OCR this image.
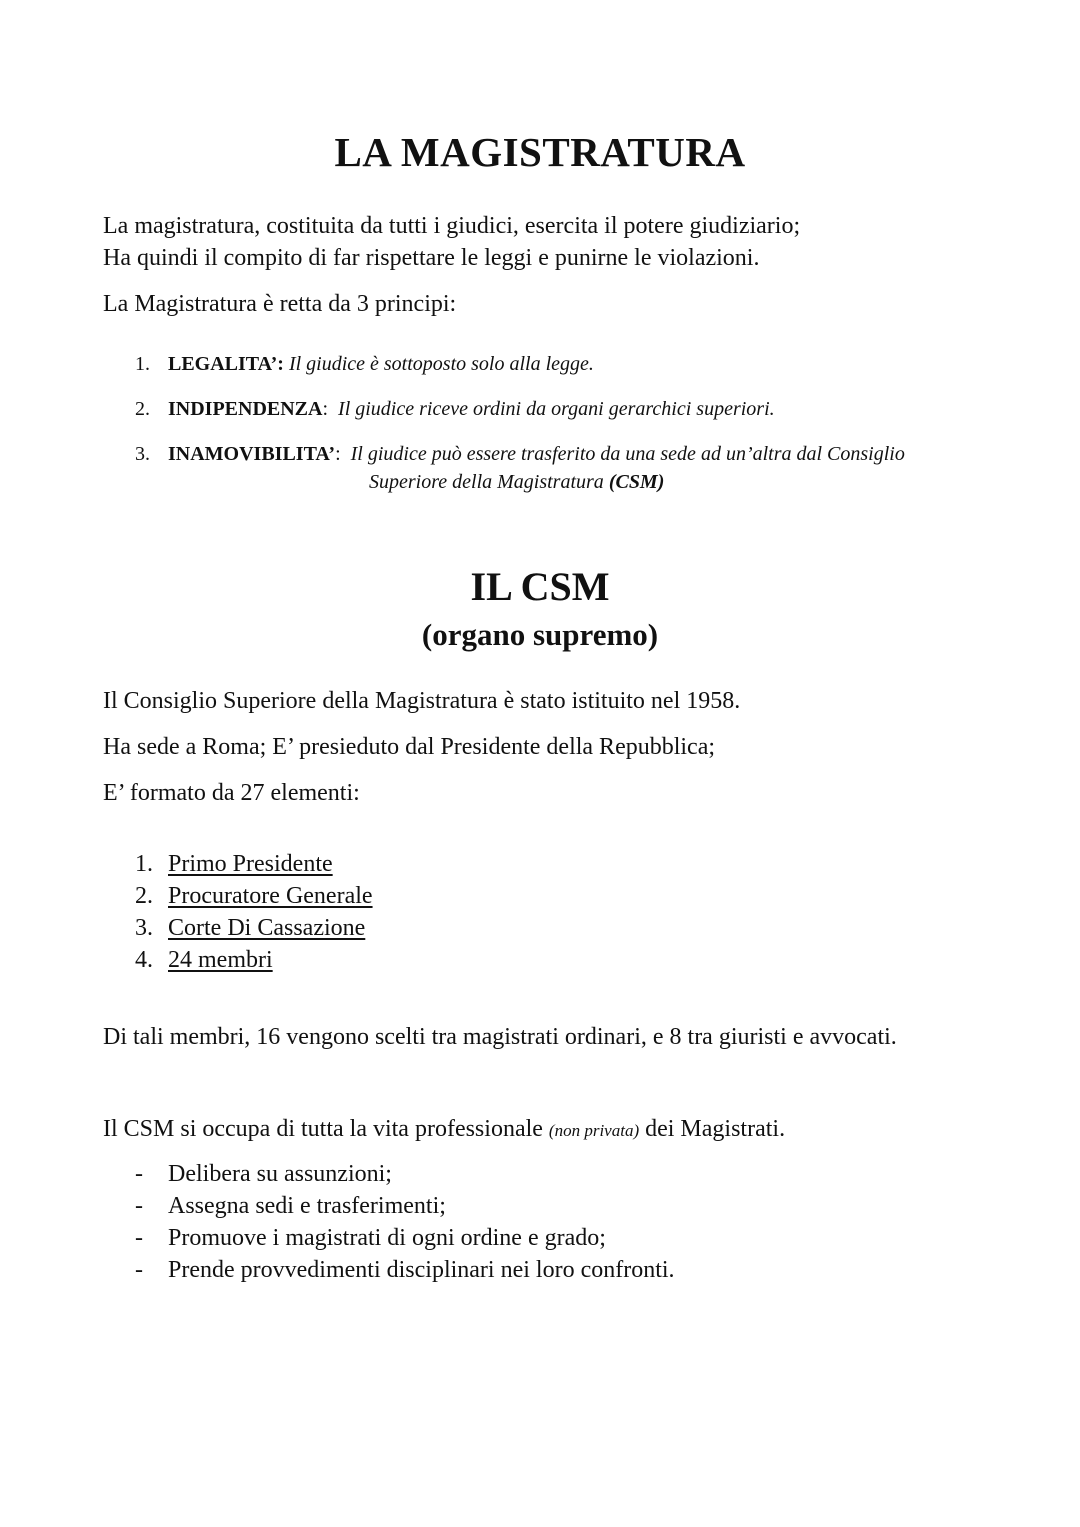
LA MAGISTRATURA
La magistratura, costituita da tutti i giudici, esercita il potere giudiziario;
Ha quindi il compito di far rispettare le leggi e punirne le violazioni.
La Magistratura è retta da 3 principi:
1. LEGALITA’: Il giudice è sottoposto solo alla legge.
2. INDIPENDENZA: Il giudice riceve ordini da organi gerarchici superiori.
3. INAMOVIBILITA’: Il giudice può essere trasferito da una sede ad un’altra dal Consiglio
Superiore della Magistratura (CSM)
IL CSM
(organo supremo)
Il Consiglio Superiore della Magistratura è stato istituito nel 1958.
Ha sede a Roma; E’ presieduto dal Presidente della Repubblica;
E’ formato da 27 elementi:
1. Primo Presidente
2. Procuratore Generale
3. Corte Di Cassazione
4. 24 membri
Di tali membri, 16 vengono scelti tra magistrati ordinari, e 8 tra giuristi e avvocati.
Il CSM si occupa di tutta la vita professionale (non privata) dei Magistrati.
- Delibera su assunzioni;
- Assegna sedi e trasferimenti;
- Promuove i magistrati di ogni ordine e grado;
- Prende provvedimenti disciplinari nei loro confronti.
